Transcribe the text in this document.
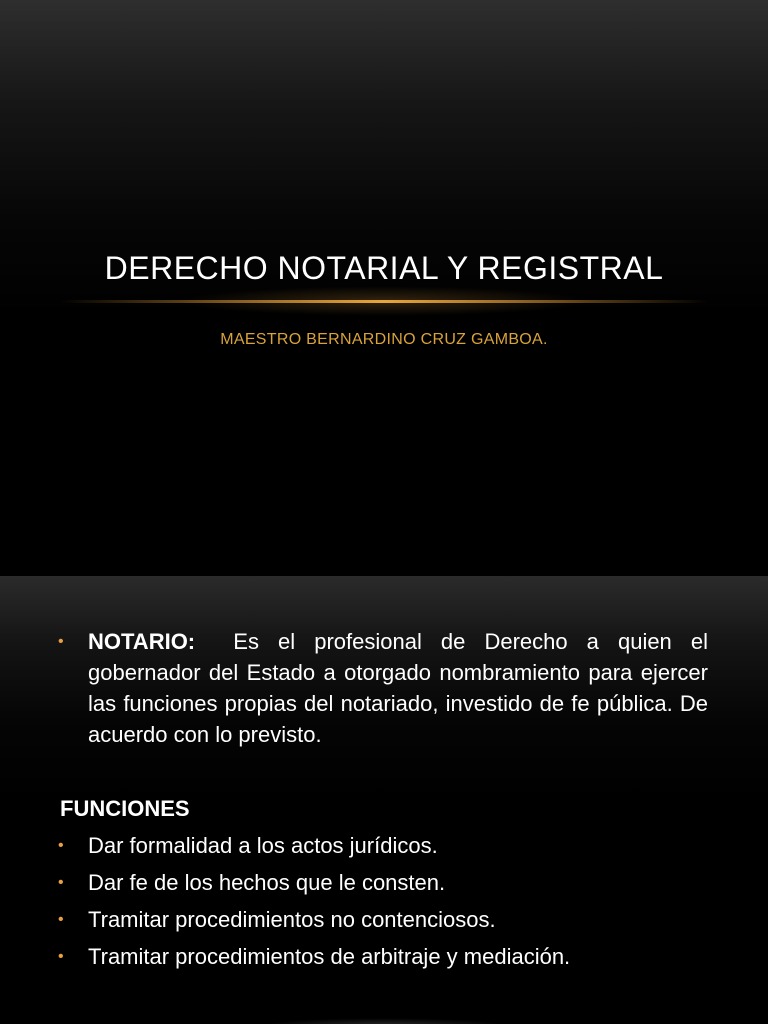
DERECHO NOTARIAL Y REGISTRAL
MAESTRO BERNARDINO CRUZ GAMBOA.
• NOTARIO: Es el profesional de Derecho a quien el gobernador del Estado a otorgado nombramiento para ejercer las funciones propias del notariado, investido de fe pública. De acuerdo con lo previsto.
FUNCIONES
• Dar formalidad a los actos jurídicos.
• Dar fe de los hechos que le consten.
• Tramitar procedimientos no contenciosos.
• Tramitar procedimientos de arbitraje y mediación.
